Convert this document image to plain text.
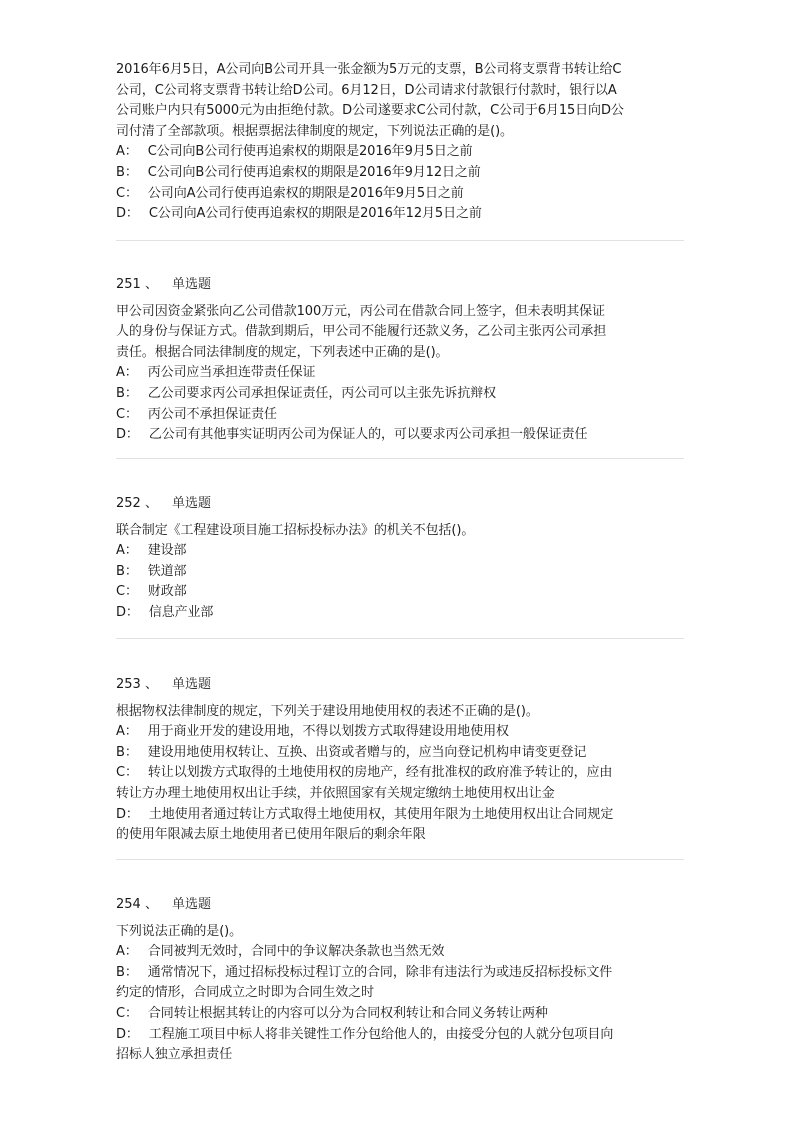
2016年6月5日，A公司向B公司开具一张金额为5万元的支票，B公司将支票背书转让给C
公司，C公司将支票背书转让给D公司。6月12日，D公司请求付款银行付款时，银行以A
公司账户内只有5000元为由拒绝付款。D公司遂要求C公司付款，C公司于6月15日向D公
司付清了全部款项。根据票据法律制度的规定，下列说法正确的是()。
A： C公司向B公司行使再追索权的期限是2016年9月5日之前
B： C公司向B公司行使再追索权的期限是2016年9月12日之前
C： 公司向A公司行使再追索权的期限是2016年9月5日之前
D： C公司向A公司行使再追索权的期限是2016年12月5日之前
251 、 单选题
甲公司因资金紧张向乙公司借款100万元，丙公司在借款合同上签字，但未表明其保证
人的身份与保证方式。借款到期后，甲公司不能履行还款义务，乙公司主张丙公司承担
责任。根据合同法律制度的规定，下列表述中正确的是()。
A： 丙公司应当承担连带责任保证
B： 乙公司要求丙公司承担保证责任，丙公司可以主张先诉抗辩权
C： 丙公司不承担保证责任
D： 乙公司有其他事实证明丙公司为保证人的，可以要求丙公司承担一般保证责任
252 、 单选题
联合制定《工程建设项目施工招标投标办法》的机关不包括()。
A： 建设部
B： 铁道部
C： 财政部
D： 信息产业部
253 、 单选题
根据物权法律制度的规定，下列关于建设用地使用权的表述不正确的是()。
A： 用于商业开发的建设用地，不得以划拨方式取得建设用地使用权
B： 建设用地使用权转让、互换、出资或者赠与的，应当向登记机构申请变更登记
C： 转让以划拨方式取得的土地使用权的房地产，经有批准权的政府准予转让的，应由
转让方办理土地使用权出让手续，并依照国家有关规定缴纳土地使用权出让金
D： 土地使用者通过转让方式取得土地使用权，其使用年限为土地使用权出让合同规定
的使用年限减去原土地使用者已使用年限后的剩余年限
254 、 单选题
下列说法正确的是()。
A： 合同被判无效时，合同中的争议解决条款也当然无效
B： 通常情况下，通过招标投标过程订立的合同，除非有违法行为或违反招标投标文件
约定的情形，合同成立之时即为合同生效之时
C： 合同转让根据其转让的内容可以分为合同权利转让和合同义务转让两种
D： 工程施工项目中标人将非关键性工作分包给他人的，由接受分包的人就分包项目向
招标人独立承担责任
